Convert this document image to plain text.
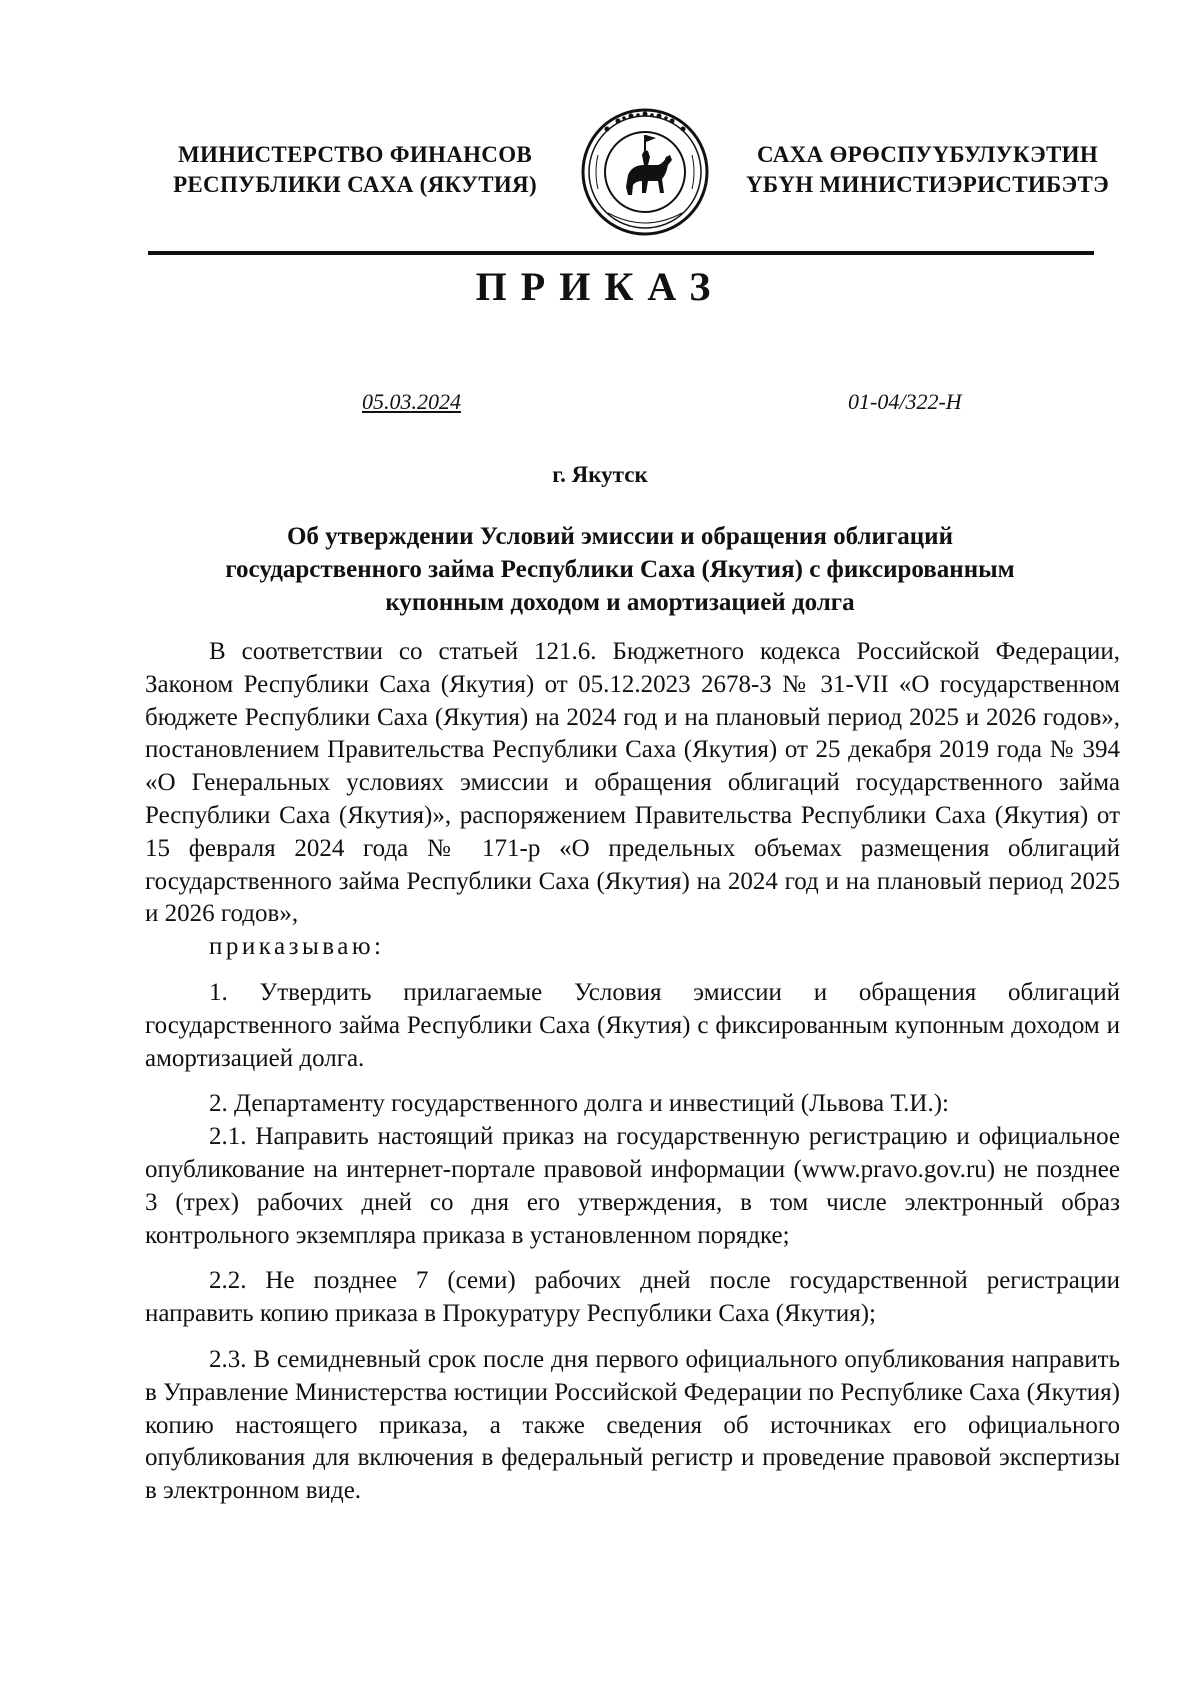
МИНИСТЕРСТВО ФИНАНСОВ
РЕСПУБЛИКИ САХА (ЯКУТИЯ)
САХА ӨРӨСПУҮБУЛУКЭТИН
ҮБҮН МИНИСТИЭРИСТИБЭТЭ
ПРИКАЗ
05.03.2024	01-04/322-Н
г. Якутск
Об утверждении Условий эмиссии и обращения облигаций
государственного займа Республики Саха (Якутия) с фиксированным
купонным доходом и амортизацией долга

В соответствии со статьей 121.6. Бюджетного кодекса Российской Федерации, Законом Республики Саха (Якутия) от 05.12.2023 2678-З № 31-VII «О государственном бюджете Республики Саха (Якутия) на 2024 год и на плановый период 2025 и 2026 годов», постановлением Правительства Республики Саха (Якутия) от 25 декабря 2019 года № 394 «О Генеральных условиях эмиссии и обращения облигаций государственного займа Республики Саха (Якутия)», распоряжением Правительства Республики Саха (Якутия) от 15 февраля 2024 года № 171-р «О предельных объемах размещения облигаций государственного займа Республики Саха (Якутия) на 2024 год и на плановый период 2025 и 2026 годов»,

приказываю:

1. Утвердить прилагаемые Условия эмиссии и обращения облигаций государственного займа Республики Саха (Якутия) с фиксированным купонным доходом и амортизацией долга.

2. Департаменту государственного долга и инвестиций (Львова Т.И.):

2.1. Направить настоящий приказ на государственную регистрацию и официальное опубликование на интернет-портале правовой информации (www.pravo.gov.ru) не позднее 3 (трех) рабочих дней со дня его утверждения, в том числе электронный образ контрольного экземпляра приказа в установленном порядке;

2.2. Не позднее 7 (семи) рабочих дней после государственной регистрации направить копию приказа в Прокуратуру Республики Саха (Якутия);

2.3. В семидневный срок после дня первого официального опубликования направить в Управление Министерства юстиции Российской Федерации по Республике Саха (Якутия) копию настоящего приказа, а также сведения об источниках его официального опубликования для включения в федеральный регистр и проведение правовой экспертизы в электронном виде.
